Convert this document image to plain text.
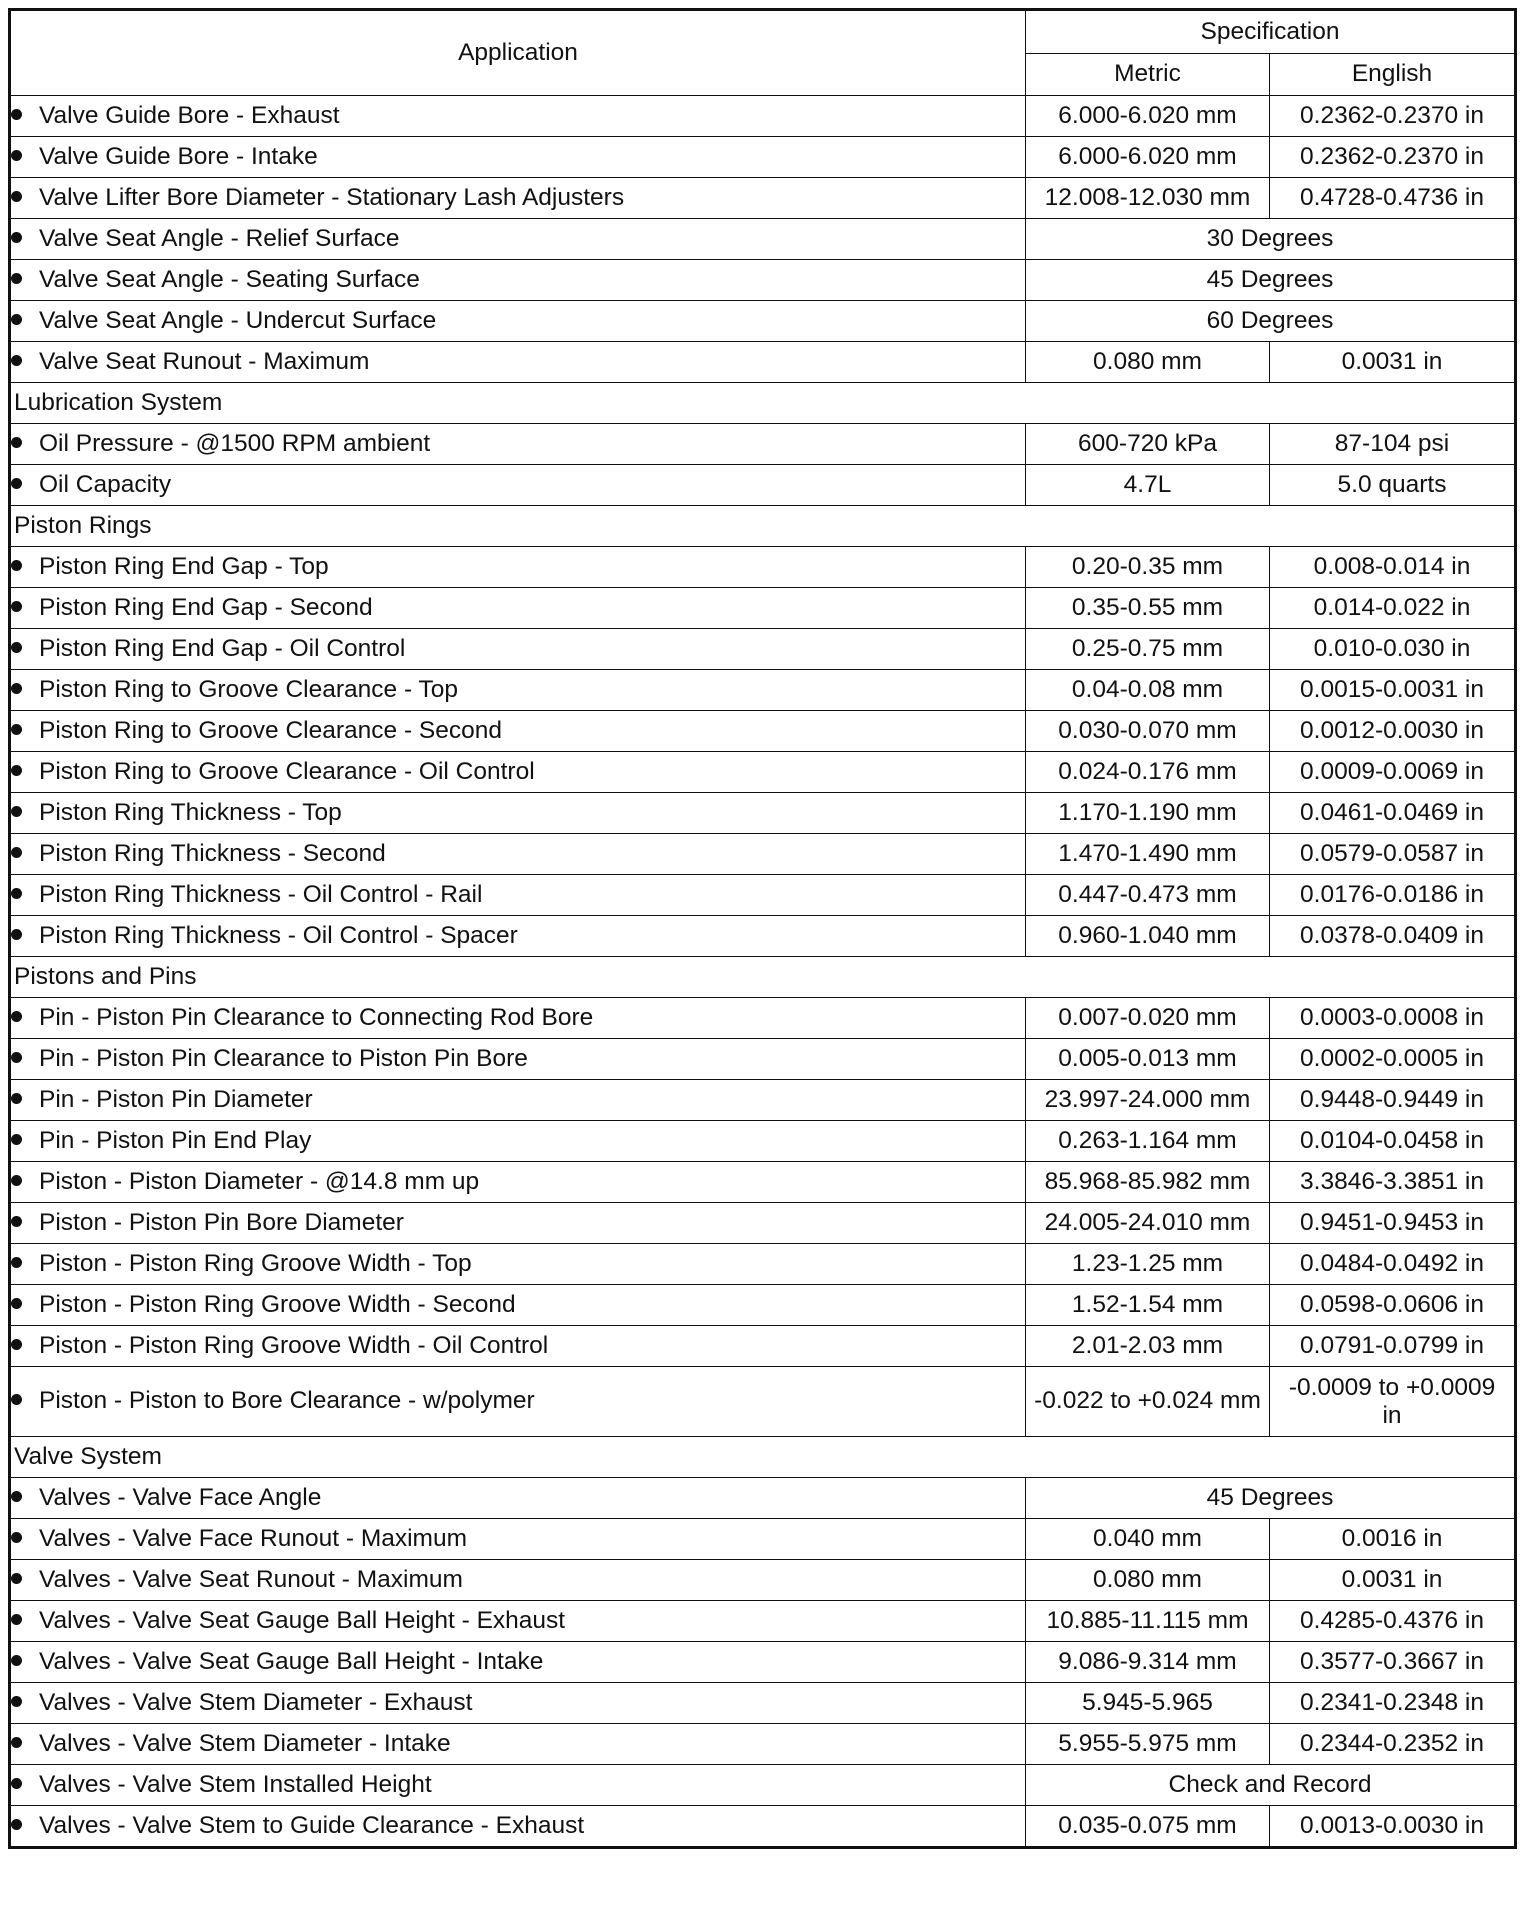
Application	Specification	
	Metric	English
Valve Guide Bore - Exhaust	6.000-6.020 mm	0.2362-0.2370 in
Valve Guide Bore - Intake	6.000-6.020 mm	0.2362-0.2370 in
Valve Lifter Bore Diameter - Stationary Lash Adjusters	12.008-12.030 mm	0.4728-0.4736 in
Valve Seat Angle - Relief Surface	30 Degrees	
Valve Seat Angle - Seating Surface	45 Degrees	
Valve Seat Angle - Undercut Surface	60 Degrees	
Valve Seat Runout - Maximum	0.080 mm	0.0031 in
Lubrication System		
Oil Pressure - @1500 RPM ambient	600-720 kPa	87-104 psi
Oil Capacity	4.7L	5.0 quarts
Piston Rings		
Piston Ring End Gap - Top	0.20-0.35 mm	0.008-0.014 in
Piston Ring End Gap - Second	0.35-0.55 mm	0.014-0.022 in
Piston Ring End Gap - Oil Control	0.25-0.75 mm	0.010-0.030 in
Piston Ring to Groove Clearance - Top	0.04-0.08 mm	0.0015-0.0031 in
Piston Ring to Groove Clearance - Second	0.030-0.070 mm	0.0012-0.0030 in
Piston Ring to Groove Clearance - Oil Control	0.024-0.176 mm	0.0009-0.0069 in
Piston Ring Thickness - Top	1.170-1.190 mm	0.0461-0.0469 in
Piston Ring Thickness - Second	1.470-1.490 mm	0.0579-0.0587 in
Piston Ring Thickness - Oil Control - Rail	0.447-0.473 mm	0.0176-0.0186 in
Piston Ring Thickness - Oil Control - Spacer	0.960-1.040 mm	0.0378-0.0409 in
Pistons and Pins		
Pin - Piston Pin Clearance to Connecting Rod Bore	0.007-0.020 mm	0.0003-0.0008 in
Pin - Piston Pin Clearance to Piston Pin Bore	0.005-0.013 mm	0.0002-0.0005 in
Pin - Piston Pin Diameter	23.997-24.000 mm	0.9448-0.9449 in
Pin - Piston Pin End Play	0.263-1.164 mm	0.0104-0.0458 in
Piston - Piston Diameter - @14.8 mm up	85.968-85.982 mm	3.3846-3.3851 in
Piston - Piston Pin Bore Diameter	24.005-24.010 mm	0.9451-0.9453 in
Piston - Piston Ring Groove Width - Top	1.23-1.25 mm	0.0484-0.0492 in
Piston - Piston Ring Groove Width - Second	1.52-1.54 mm	0.0598-0.0606 in
Piston - Piston Ring Groove Width - Oil Control	2.01-2.03 mm	0.0791-0.0799 in
Piston - Piston to Bore Clearance - w/polymer	-0.022 to +0.024 mm	-0.0009 to +0.0009 in
Valve System		
Valves - Valve Face Angle	45 Degrees	
Valves - Valve Face Runout - Maximum	0.040 mm	0.0016 in
Valves - Valve Seat Runout - Maximum	0.080 mm	0.0031 in
Valves - Valve Seat Gauge Ball Height - Exhaust	10.885-11.115 mm	0.4285-0.4376 in
Valves - Valve Seat Gauge Ball Height - Intake	9.086-9.314 mm	0.3577-0.3667 in
Valves - Valve Stem Diameter - Exhaust	5.945-5.965	0.2341-0.2348 in
Valves - Valve Stem Diameter - Intake	5.955-5.975 mm	0.2344-0.2352 in
Valves - Valve Stem Installed Height	Check and Record	
Valves - Valve Stem to Guide Clearance - Exhaust	0.035-0.075 mm	0.0013-0.0030 in
